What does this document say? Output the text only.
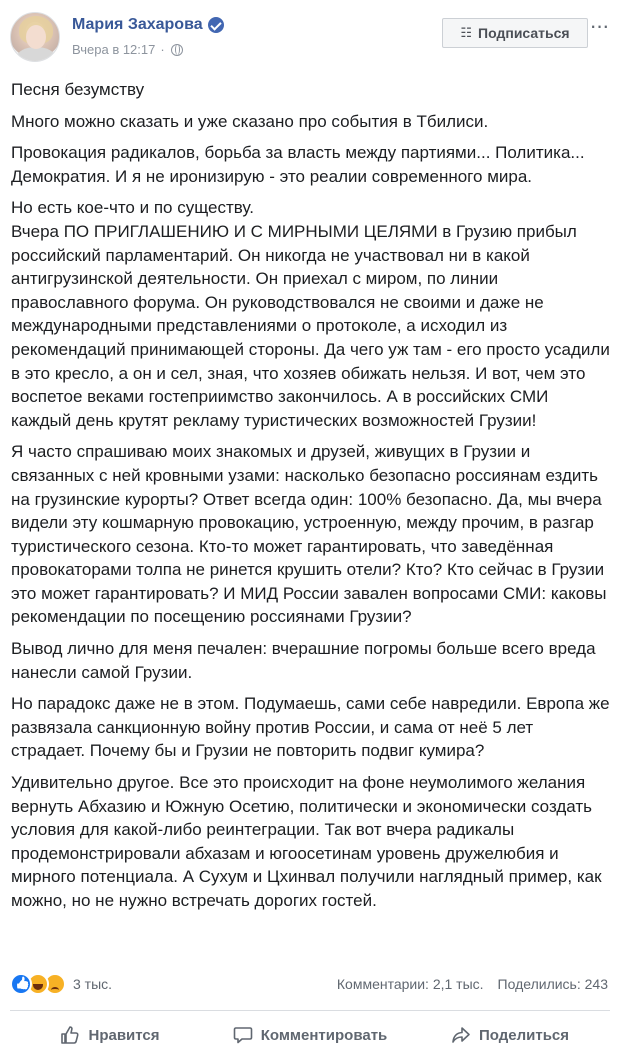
Мария Захарова
Вчера в 12:17 ·
☷ Подписаться ···
Песня безумству
Много можно сказать и уже сказано про события в Тбилиси.
Провокация радикалов, борьба за власть между партиями... Политика... Демократия. И я не иронизирую - это реалии современного мира.
Но есть кое-что и по существу.
Вчера ПО ПРИГЛАШЕНИЮ И С МИРНЫМИ ЦЕЛЯМИ в Грузию прибыл российский парламентарий. Он никогда не участвовал ни в какой антигрузинской деятельности. Он приехал с миром, по линии православного форума. Он руководствовался не своими и даже не международными представлениями о протоколе, а исходил из рекомендаций принимающей стороны. Да чего уж там - его просто усадили в это кресло, а он и сел, зная, что хозяев обижать нельзя. И вот, чем это воспетое веками гостеприимство закончилось. А в российских СМИ каждый день крутят рекламу туристических возможностей Грузии!
Я часто спрашиваю моих знакомых и друзей, живущих в Грузии и связанных с ней кровными узами: насколько безопасно россиянам ездить на грузинские курорты? Ответ всегда один: 100% безопасно. Да, мы вчера видели эту кошмарную провокацию, устроенную, между прочим, в разгар туристического сезона. Кто-то может гарантировать, что заведённая провокаторами толпа не ринется крушить отели? Кто? Кто сейчас в Грузии это может гарантировать? И МИД России завален вопросами СМИ: каковы рекомендации по посещению россиянами Грузии?
Вывод лично для меня печален: вчерашние погромы больше всего вреда нанесли самой Грузии.
Но парадокс даже не в этом. Подумаешь, сами себе навредили. Европа же развязала санкционную войну против России, и сама от неё 5 лет страдает. Почему бы и Грузии не повторить подвиг кумира?
Удивительно другое. Все это происходит на фоне неумолимого желания вернуть Абхазию и Южную Осетию, политически и экономически создать условия для какой-либо реинтеграции. Так вот вчера радикалы продемонстрировали абхазам и югоосетинам уровень дружелюбия и мирного потенциала. А Сухум и Цхинвал получили наглядный пример, как можно, но не нужно встречать дорогих гостей.
👍
3 тыс.	Комментарии: 2,1 тыс. Поделились: 243
Нравится	Комментировать	Поделиться
